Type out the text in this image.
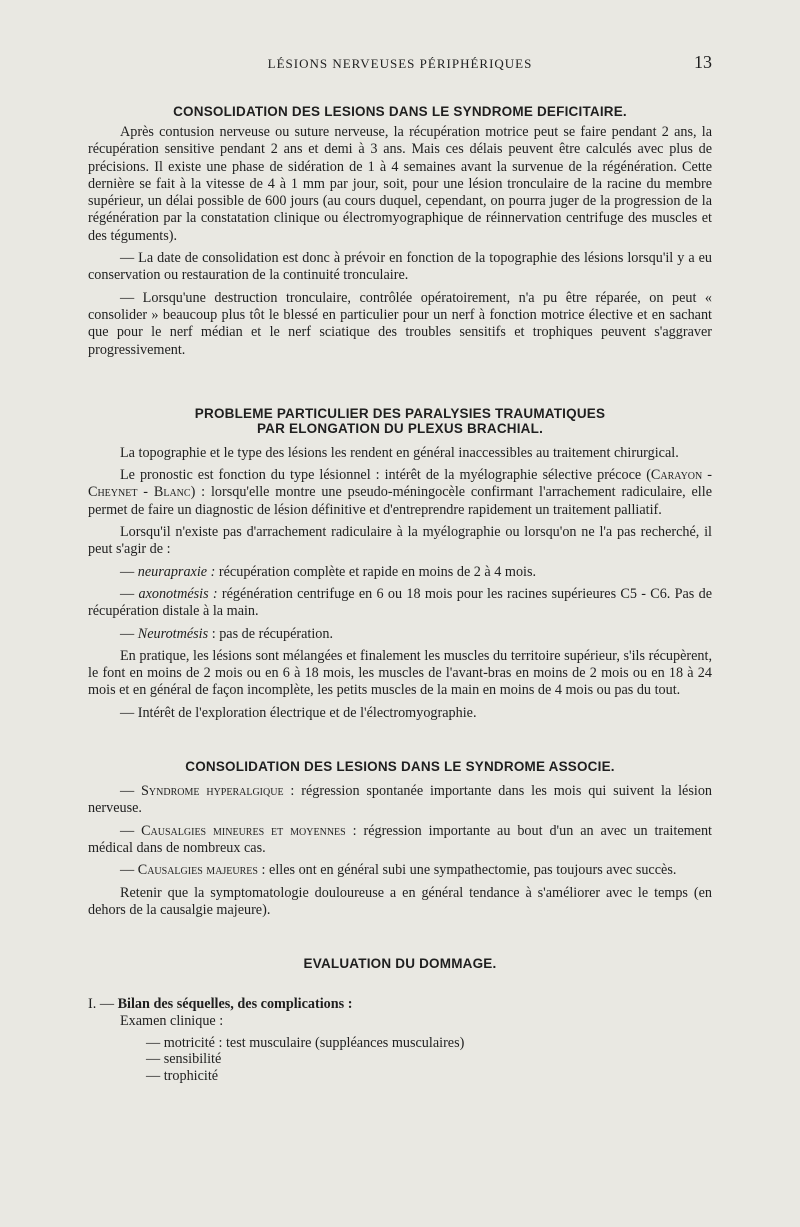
LÉSIONS NERVEUSES PÉRIPHÉRIQUES	13
CONSOLIDATION DES LESIONS DANS LE SYNDROME DEFICITAIRE.

Après contusion nerveuse ou suture nerveuse, la récupération motrice peut se faire pendant 2 ans, la récupération sensitive pendant 2 ans et demi à 3 ans. Mais ces délais peuvent être calculés avec plus de précisions. Il existe une phase de sidération de 1 à 4 semaines avant la survenue de la régénération. Cette dernière se fait à la vitesse de 4 à 1 mm par jour, soit, pour une lésion tronculaire de la racine du membre supérieur, un délai possible de 600 jours (au cours duquel, cependant, on pourra juger de la progression de la régénération par la constatation clinique ou électromyographique de réinnervation centrifuge des muscles et des téguments).

— La date de consolidation est donc à prévoir en fonction de la topographie des lésions lorsqu'il y a eu conservation ou restauration de la continuité tronculaire.

— Lorsqu'une destruction tronculaire, contrôlée opératoirement, n'a pu être réparée, on peut « consolider » beaucoup plus tôt le blessé en particulier pour un nerf à fonction motrice élective et en sachant que pour le nerf médian et le nerf sciatique des troubles sensitifs et trophiques peuvent s'aggraver progressivement.

PROBLEME PARTICULIER DES PARALYSIES TRAUMATIQUES
PAR ELONGATION DU PLEXUS BRACHIAL.

La topographie et le type des lésions les rendent en général inaccessibles au traitement chirurgical.

Le pronostic est fonction du type lésionnel : intérêt de la myélographie sélective précoce (Carayon - Cheynet - Blanc) : lorsqu'elle montre une pseudo-méningocèle confirmant l'arrachement radiculaire, elle permet de faire un diagnostic de lésion définitive et d'entreprendre rapidement un traitement palliatif.

Lorsqu'il n'existe pas d'arrachement radiculaire à la myélographie ou lorsqu'on ne l'a pas recherché, il peut s'agir de :

— neurapraxie : récupération complète et rapide en moins de 2 à 4 mois.

— axonotmésis : régénération centrifuge en 6 ou 18 mois pour les racines supérieures C5 - C6. Pas de récupération distale à la main.

— Neurotmésis : pas de récupération.

En pratique, les lésions sont mélangées et finalement les muscles du territoire supérieur, s'ils récupèrent, le font en moins de 2 mois ou en 6 à 18 mois, les muscles de l'avant-bras en moins de 2 mois ou en 18 à 24 mois et en général de façon incomplète, les petits muscles de la main en moins de 4 mois ou pas du tout.

— Intérêt de l'exploration électrique et de l'électromyographie.

CONSOLIDATION DES LESIONS DANS LE SYNDROME ASSOCIE.

— Syndrome hyperalgique : régression spontanée importante dans les mois qui suivent la lésion nerveuse.

— Causalgies mineures et moyennes : régression importante au bout d'un an avec un traitement médical dans de nombreux cas.

— Causalgies majeures : elles ont en général subi une sympathectomie, pas toujours avec succès.

Retenir que la symptomatologie douloureuse a en général tendance à s'améliorer avec le temps (en dehors de la causalgie majeure).

EVALUATION DU DOMMAGE.
I. — Bilan des séquelles, des complications :
Examen clinique :
— motricité : test musculaire (suppléances musculaires)
— sensibilité
— trophicité
